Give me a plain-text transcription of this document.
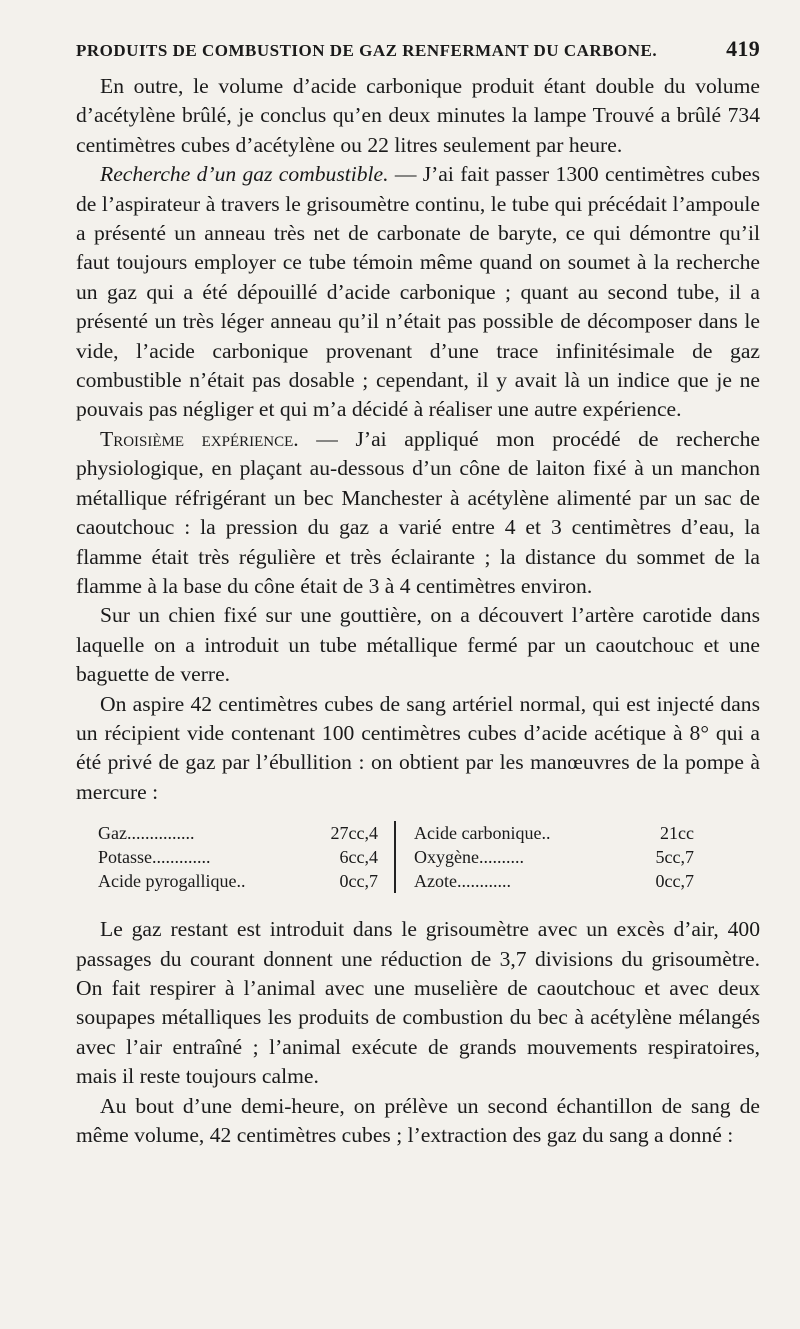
PRODUITS DE COMBUSTION DE GAZ RENFERMANT DU CARBONE.	419

En outre, le volume d’acide carbonique produit étant double du volume d’acétylène brûlé, je conclus qu’en deux minutes la lampe Trouvé a brûlé 734 centimètres cubes d’acétylène ou 22 litres seulement par heure.

Recherche d’un gaz combustible. — J’ai fait passer 1300 centimètres cubes de l’aspirateur à travers le grisoumètre continu, le tube qui précédait l’ampoule a présenté un anneau très net de carbonate de baryte, ce qui démontre qu’il faut toujours employer ce tube témoin même quand on soumet à la recherche un gaz qui a été dépouillé d’acide carbonique ; quant au second tube, il a présenté un très léger anneau qu’il n’était pas possible de décomposer dans le vide, l’acide carbonique provenant d’une trace infinitésimale de gaz combustible n’était pas dosable ; cependant, il y avait là un indice que je ne pouvais pas négliger et qui m’a décidé à réaliser une autre expérience.

Troisième expérience. — J’ai appliqué mon procédé de recherche physiologique, en plaçant au-dessous d’un cône de laiton fixé à un manchon métallique réfrigérant un bec Manchester à acétylène alimenté par un sac de caoutchouc : la pression du gaz a varié entre 4 et 3 centimètres d’eau, la flamme était très régulière et très éclairante ; la distance du sommet de la flamme à la base du cône était de 3 à 4 centimètres environ.

Sur un chien fixé sur une gouttière, on a découvert l’artère carotide dans laquelle on a introduit un tube métallique fermé par un caoutchouc et une baguette de verre.

On aspire 42 centimètres cubes de sang artériel normal, qui est injecté dans un récipient vide contenant 100 centimètres cubes d’acide acétique à 8° qui a été privé de gaz par l’ébullition : on obtient par les manœuvres de la pompe à mercure :

Gaz...............	27cc,4
Potasse.............	6cc,4
Acide pyrogallique..	0cc,7
Acide carbonique..	21cc
Oxygène..........	5cc,7
Azote............	0cc,7

Le gaz restant est introduit dans le grisoumètre avec un excès d’air, 400 passages du courant donnent une réduction de 3,7 divisions du grisoumètre. On fait respirer à l’animal avec une muselière de caoutchouc et avec deux soupapes métalliques les produits de combustion du bec à acétylène mélangés avec l’air entraîné ; l’animal exécute de grands mouvements respiratoires, mais il reste toujours calme.

Au bout d’une demi-heure, on prélève un second échantillon de sang de même volume, 42 centimètres cubes ; l’extraction des gaz du sang a donné :
